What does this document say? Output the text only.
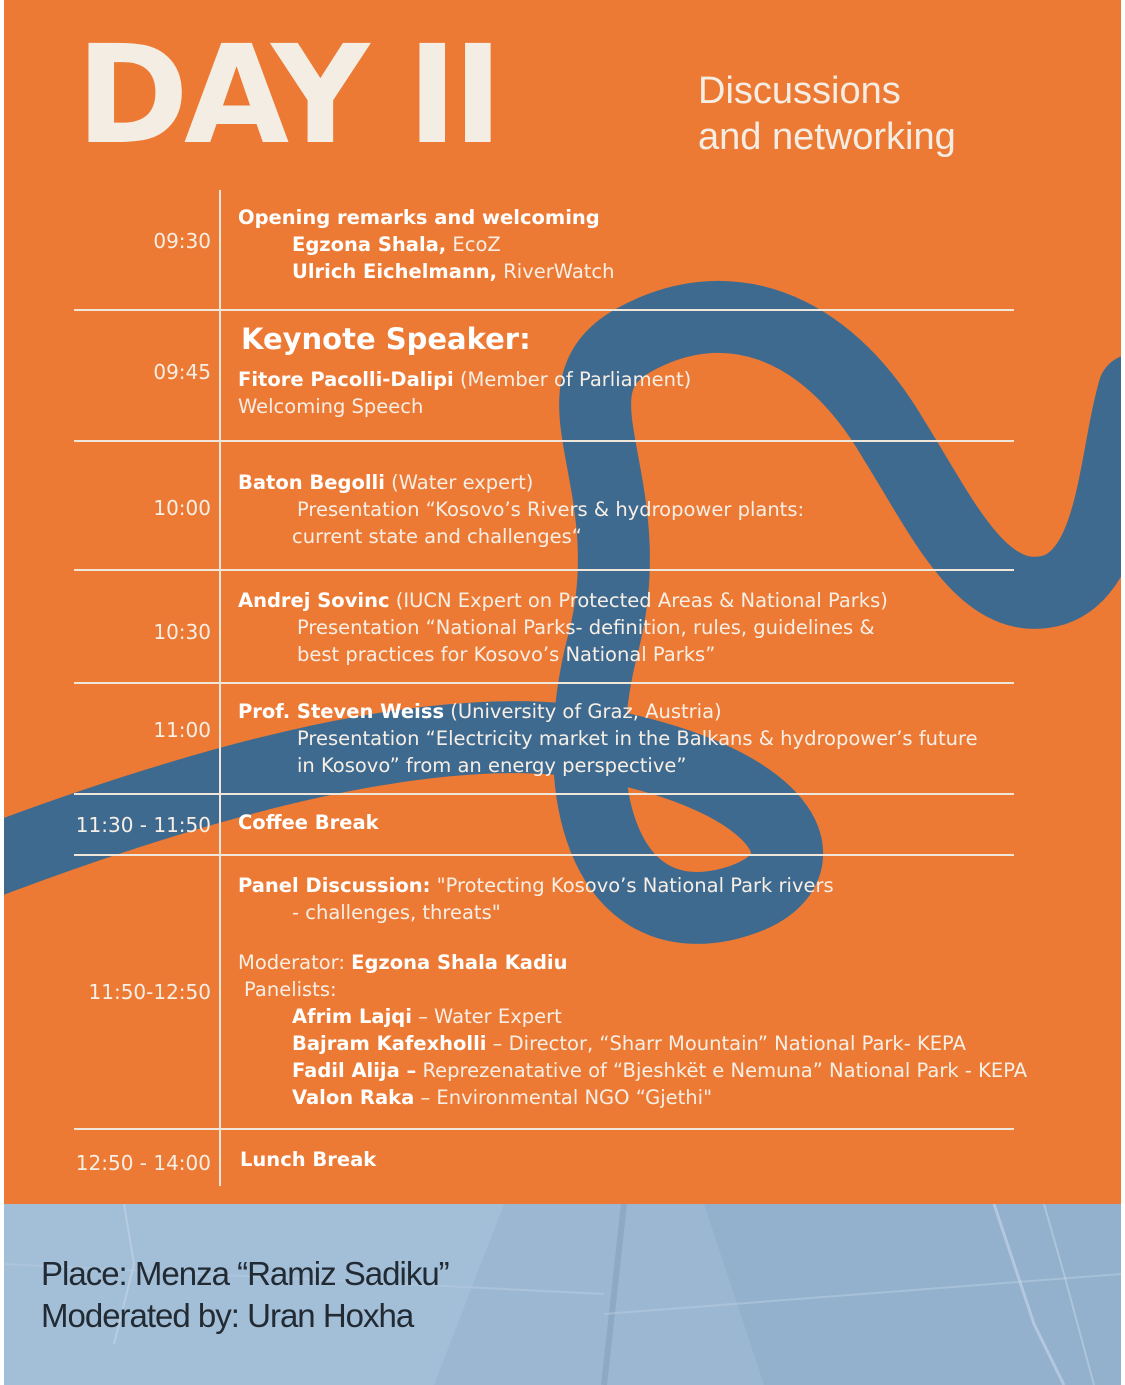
DAY II	Discussions
and networking
09:30
Opening remarks and welcoming
Egzona Shala, EcoZ
Ulrich Eichelmann, RiverWatch
09:45
Keynote Speaker:
Fitore Pacolli-Dalipi (Member of Parliament)
Welcoming Speech
10:00
Baton Begolli (Water expert)
Presentation “Kosovo’s Rivers & hydropower plants:
current state and challenges“
10:30
Andrej Sovinc (IUCN Expert on Protected Areas & National Parks)
Presentation “National Parks- definition, rules, guidelines &
best practices for Kosovo’s National Parks”
11:00
Prof. Steven Weiss (University of Graz, Austria)
Presentation “Electricity market in the Balkans & hydropower’s future
in Kosovo” from an energy perspective”
11:30 - 11:50 Coffee Break
11:50-12:50
Panel Discussion: "Protecting Kosovo’s National Park rivers
- challenges, threats"
Moderator: Egzona Shala Kadiu
Panelists:
Afrim Lajqi – Water Expert
Bajram Kafexholli – Director, “Sharr Mountain” National Park- KEPA
Fadil Alija – Reprezenatative of “Bjeshkët e Nemuna” National Park - KEPA
Valon Raka – Environmental NGO “Gjethi"
12:50 - 14:00 Lunch Break
Place: Menza “Ramiz Sadiku”
Moderated by: Uran Hoxha
